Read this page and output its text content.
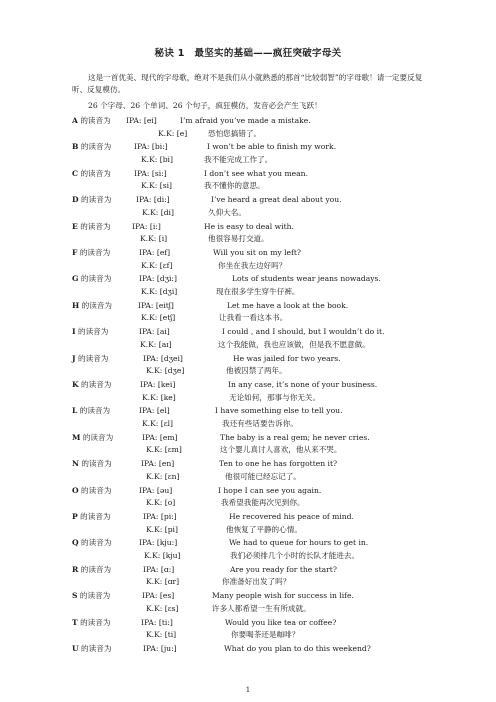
秘诀 1　最坚实的基础——疯狂突破字母关
这是一首优美、现代的字母歌，绝对不是我们从小就熟悉的那首“比较弱智”的字母歌！请一定要反复听、反复模仿。
26 个字母、26 个单词、26 个句子，疯狂模仿，发音必会产生飞跃！
A 的读音为 IPA: [ei]	I’m afraid you’ve made a mistake.
K.K: [e]	恐怕您搞错了。
B 的读音为	IPA: [bi:]	I won’t be able to finish my work.
K.K: [bi]	我不能完成工作了。
C 的读音为	IPA: [si:]	I don’t see what you mean.
K.K: [si]	我不懂你的意思。
D 的读音为	IPA: [di:]	I’ve heard a great deal about you.
K.K: [di]	久仰大名。
E 的读音为	IPA: [i:]	He is easy to deal with.
K.K: [i]	他很容易打交道。
F 的读音为	IPA: [ef]	Will you sit on my left?
K.K: [ɛf]	你坐在我左边好吗？
G 的读音为	IPA: [dʒi:]	Lots of students wear jeans nowadays.
K.K: [dʒi]	现在很多学生穿牛仔裤。
H 的读音为	IPA: [eitʃ]	Let me have a look at the book.
K.K: [etʃ]	让我看一看这本书。
I 的读音为	IPA: [ai]	I could , and I should, but I wouldn’t do it.
K.K: [aɪ]	这个我能做，我也应该做，但是我不愿意做。
J 的读音为	IPA: [dʒei]	He was jailed for two years.
K.K: [dʒe]	他被囚禁了两年。
K 的读音为	IPA: [kei]	In any case, it’s none of your business.
K.K: [ke]	无论如何，那事与你无关。
L 的读音为	IPA: [el]	I have something else to tell you.
K.K: [ɛl]	我还有些话要告诉你。
M 的读音为	IPA: [em]	The baby is a real gem; he never cries.
K.K: [ɛm]	这个婴儿真讨人喜欢，他从来不哭。
N 的读音为	IPA: [en]	Ten to one he has forgotten it?
K.K: [ɛn]	他很可能已经忘记了。
O 的读音为	IPA: [əu]	I hope I can see you again.
K.K: [o]	我希望我能再次见到你。
P 的读音为	IPA: [pi:]	He recovered his peace of mind.
K.K: [pi]	他恢复了平静的心情。
Q 的读音为	IPA: [kju:]	We had to queue for hours to get in.
K.K: [kju]	我们必须排几个小时的长队才能进去。
R 的读音为	IPA: [ɑ:]	Are you ready for the start?
K.K: [ɑr]	你准备好出发了吗？
S 的读音为	IPA: [es]	Many people wish for success in life.
K.K: [ɛs]	许多人都希望一生有所成就。
T 的读音为	IPA: [ti:]	Would you like tea or coffee?
K.K: [ti]	你要喝茶还是咖啡？
U 的读音为	IPA: [ju:]	What do you plan to do this weekend?
1
